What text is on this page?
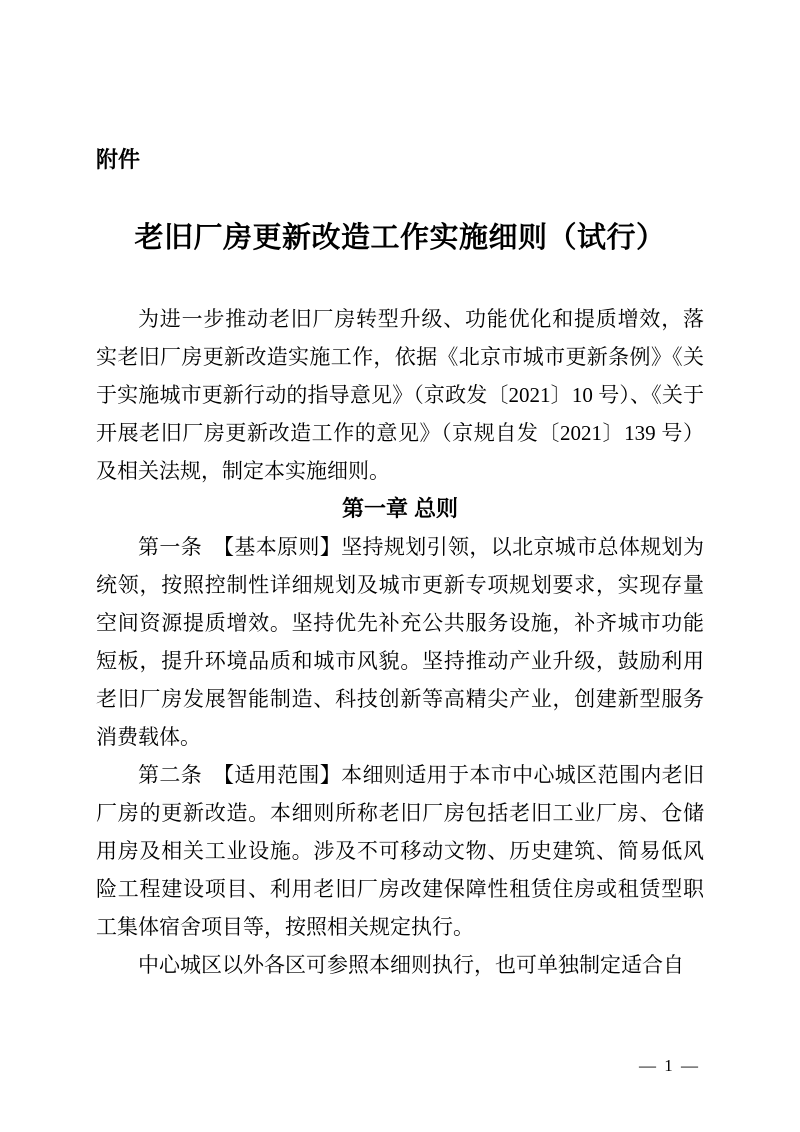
附件
老旧厂房更新改造工作实施细则（试行）

为进一步推动老旧厂房转型升级、功能优化和提质增效，落实老旧厂房更新改造实施工作，依据《北京市城市更新条例》《关于实施城市更新行动的指导意见》（京政发〔2021〕10 号）、《关于开展老旧厂房更新改造工作的意见》（京规自发〔2021〕139 号）及相关法规，制定本实施细则。

第一章 总则

第一条　【基本原则】坚持规划引领，以北京城市总体规划为统领，按照控制性详细规划及城市更新专项规划要求，实现存量空间资源提质增效。坚持优先补充公共服务设施，补齐城市功能短板，提升环境品质和城市风貌。坚持推动产业升级，鼓励利用老旧厂房发展智能制造、科技创新等高精尖产业，创建新型服务消费载体。

第二条　【适用范围】本细则适用于本市中心城区范围内老旧厂房的更新改造。本细则所称老旧厂房包括老旧工业厂房、仓储用房及相关工业设施。涉及不可移动文物、历史建筑、简易低风险工程建设项目、利用老旧厂房改建保障性租赁住房或租赁型职工集体宿舍项目等，按照相关规定执行。

中心城区以外各区可参照本细则执行，也可单独制定适合自

— 1 —
